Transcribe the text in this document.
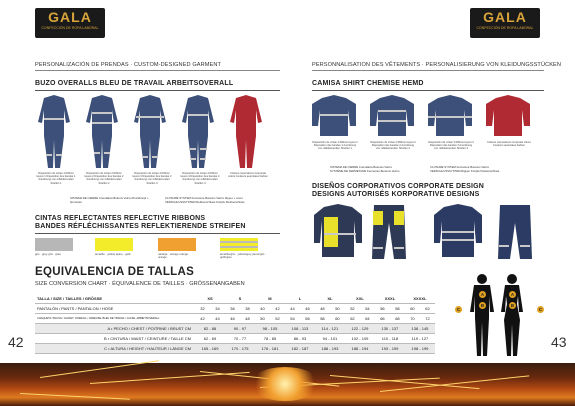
GALA
CONFECCIÓN DE ROPA LABORAL
GALA
CONFECCIÓN DE ROPA LABORAL
PERSONALIZACIÓN DE PRENDAS · CUSTOM-DESIGNED GARMENT	PERSONNALISATION DES VÊTEMENTS · PERSONALISIERUNG VON KLEIDUNGSSTÜCKEN
BUZO OVERALLS BLEU DE TRAVAIL ARBEITSOVERALL
Disposición de cintas 1 Ribbon layout 1 Disposition des bandes 1 Anordnung von reflektierenden Streifen 1
Disposición de cintas 2 Ribbon layout 2 Disposition des bandes 2 Anordnung von reflektierenden Streifen 2
Disposición de cintas 3 Ribbon layout 3 Disposition des bandes 3 Anordnung von reflektierenden Streifen 3
Disposición de cintas 4 Ribbon layout 4 Disposition des bandes 4 Anordnung von reflektierenden Streifen 4
Colores corporativos Corporate colors Couleurs autorisées Farben
SISTEMA DE CIERRE Cremallera Buttons Velcro Druckknopf + fermeture
CLOSURE SYSTEM Fermeture Boutons Velcro Zipper + cover
VERSCHLUSSSYSTEM Reißverschluss Knöpfe Klettverschluss
CAMISA SHIRT CHEMISE HEMD
Disposición de cintas 1 Ribbon layout 1 Disposition des bandes 1 Anordnung von reflektierenden Streifen 1
Disposición de cintas 2 Ribbon layout 2 Disposition des bandes 2 Anordnung von reflektierenden Streifen 2
Disposición de cintas 3 Ribbon layout 3 Disposition des bandes 3 Anordnung von reflektierenden Streifen 3
Colores corporativos Corporate colors Couleurs autorisées Farben
SISTEMA DE CIERRE Cremallera Botones Velcro
SYSTÈME DE FERMETURE Fermeture Boutons Velcro
CLOSURE SYSTEM Fermeture Boutons Velcro
VERSCHLUSSSYSTEM Rippen Knöpfe Klettverschluss
DISEÑOS CORPORATIVOS CORPORATE DESIGN
DESIGNS AUTORISÉS KORPORATIVE DESIGNS
CINTAS REFLECTANTES REFLECTIVE RIBBONS
BANDES RÉFLÉCHISSANTES REFLEKTIERENDE STREIFEN
gris · grey gris · grau	amarillo · yellow jaune · gelb	naranja · orange orange · orange
amarillo/gris · yellow/grey jaune/gris · gelb/grau
EQUIVALENCIA DE TALLAS
SIZE CONVERSION CHART · ÉQUIVALENCE DE TAILLES · GRÖSSENANGABEN
TALLA / SIZE / TAILLES / GRÖSSE	XS		S		M		L		XL		XXL		XXXL		XXXXL	
PANTALÓN / PANTS / PANTALON / HOSE	32	34	36	38			40	42	44	46	48	50	52	54	56	58	60	62
CHAQUETA / BLUSA / JACKET, OVERALL / VAREUSE, BLEU DE TRAVAIL / JACKE, ARBEITSOVERALL	42	44	46	48			50	52	54	56	58	60	62	64	66	68	70	72
A • PECHO / CHEST / POITRINE / BRUST CM	82 - 88		90 - 97		98 - 105		108 - 113		114 - 121		122 - 129		130 - 137		138 - 145	
B • CINTURA / WAIST / CEINTURE / TAILLE CM	62 - 69		70 - 77		78 - 85		86 - 93		94 - 101		102 - 109		110 - 118		119 - 127	
C • ALTURA / HEIGHT / HAUTEUR / LÄNGE CM	165 - 169		170 - 175		176 - 181		182 - 187		188 - 193		188 - 194		193 - 199		198 - 199	
A
B
A
B
C	C
42	43
